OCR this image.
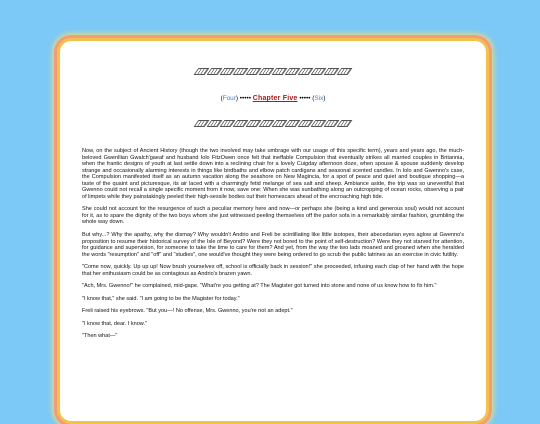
(Four) ••••• Chapter Five ••••• (Six)

Now, on the subject of Ancient History (though the two involved may take umbrage with our usage of this specific term), years and years ago, the much-beloved Gwenllian Gwalch'gaeaf and husband Iolo FitzOwen once felt that ineffable Compulsion that eventually strikes all married couples in Britannia, when the frantic designs of youth at last settle down into a reclining chair for a lovely Cuigday afternoon doze, when spouse & spouse suddenly develop strange and occasionally alarming interests in things like birdbaths and elbow patch cardigans and seasonal scented candles. In Iolo and Gwenno's case, the Compulsion manifested itself as an autumn vacation along the seashore on New Magincia, for a spot of peace and quiet and boutique shopping—a taste of the quaint and picturesque, its air laced with a charmingly fetid melange of sea salt and sheep. Ambiance aside, the trip was so uneventful that Gwenno could not recall a single specific moment from it now, save one: When she was sunbathing along an outcropping of ocean rocks, observing a pair of limpets while they painstakingly peeled their high-sessile bodies out their homescars ahead of the encroaching high tide.

She could not account for the resurgence of such a peculiar memory here and now—or perhaps she (being a kind and generous soul) would not account for it, as to spare the dignity of the two boys whom she just witnessed peeling themselves off the parlor sofa in a remarkably similar fashion, grumbling the whole way down.

But why...? Why the apathy, why the dismay? Why wouldn't Andrio and Freli be scintillating like little isotopes, their abecedarian eyes aglow at Gwenno's proposition to resume their historical survey of the Isle of Beyond? Were they not bored to the point of self-destruction? Were they not starved for attention, for guidance and supervision, for someone to take the time to care for them? And yet, from the way the two lads moaned and groaned when she heralded the words "resumption" and "off" and "studies", one would've thought they were being ordered to go scrub the public latrines as an exercise in civic futility.

"Come now, quickly. Up up up! Now brush yourselves off, school is officially back in session!" she proceeded, infusing each clap of her hand with the hope that her enthusiasm could be as contagious as Andrio's brazen yawn.

"Ach, Mrs. Gwenno!" he complained, mid-gape. "What're you getting at? The Magister got turned into stone and none of us know how to fix him."

"I know that," she said. "I am going to be the Magister for today."

Freli raised his eyebrows. "But you—! No offense, Mrs. Gwenno, you're not an adept."

"I know that, dear. I know."

"Then what—"
